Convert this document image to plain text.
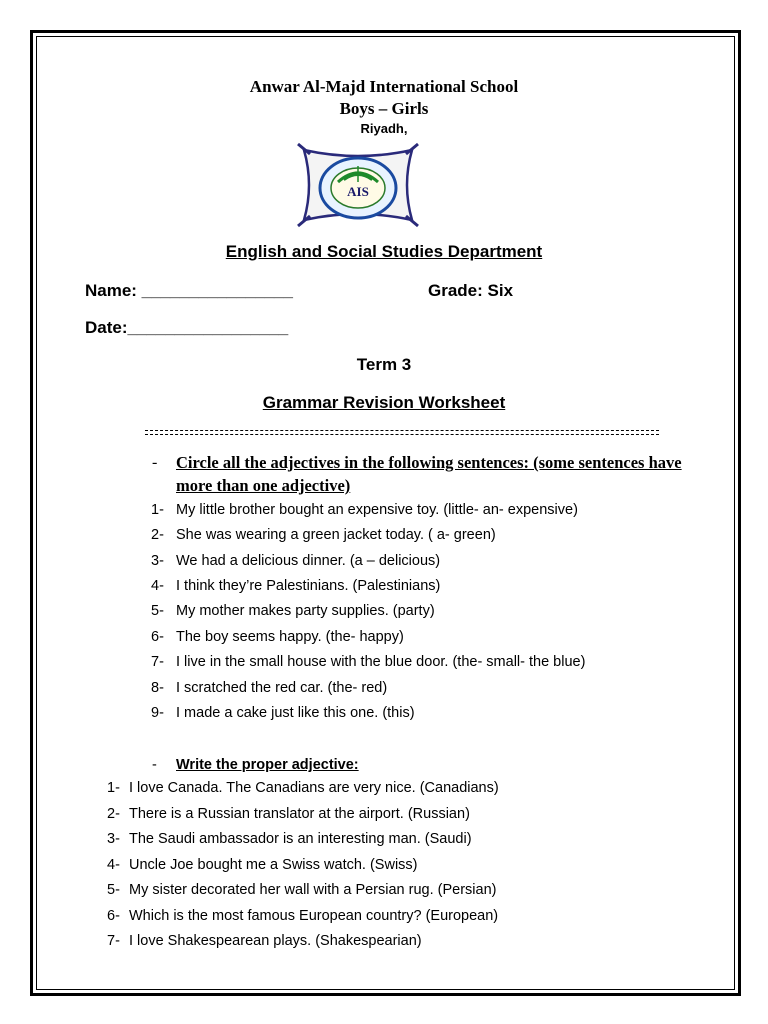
Anwar Al-Majd International School
Boys – Girls
Riyadh,
AIS
English and Social Studies Department
Name: ________________	Grade: Six
Date:_________________
Term 3
Grammar Revision Worksheet
- Circle all the adjectives in the following sentences: (some sentences have
more than one adjective)
1- My little brother bought an expensive toy. (little- an- expensive)
2- She was wearing a green jacket today. ( a- green)
3- We had a delicious dinner. (a – delicious)
4- I think they’re Palestinians. (Palestinians)
5- My mother makes party supplies. (party)
6- The boy seems happy. (the- happy)
7- I live in the small house with the blue door. (the- small- the blue)
8- I scratched the red car. (the- red)
9- I made a cake just like this one. (this)
- Write the proper adjective:
1- I love Canada. The Canadians are very nice. (Canadians)
2- There is a Russian translator at the airport. (Russian)
3- The Saudi ambassador is an interesting man. (Saudi)
4- Uncle Joe bought me a Swiss watch. (Swiss)
5- My sister decorated her wall with a Persian rug. (Persian)
6- Which is the most famous European country? (European)
7- I love Shakespearean plays. (Shakespearian)
